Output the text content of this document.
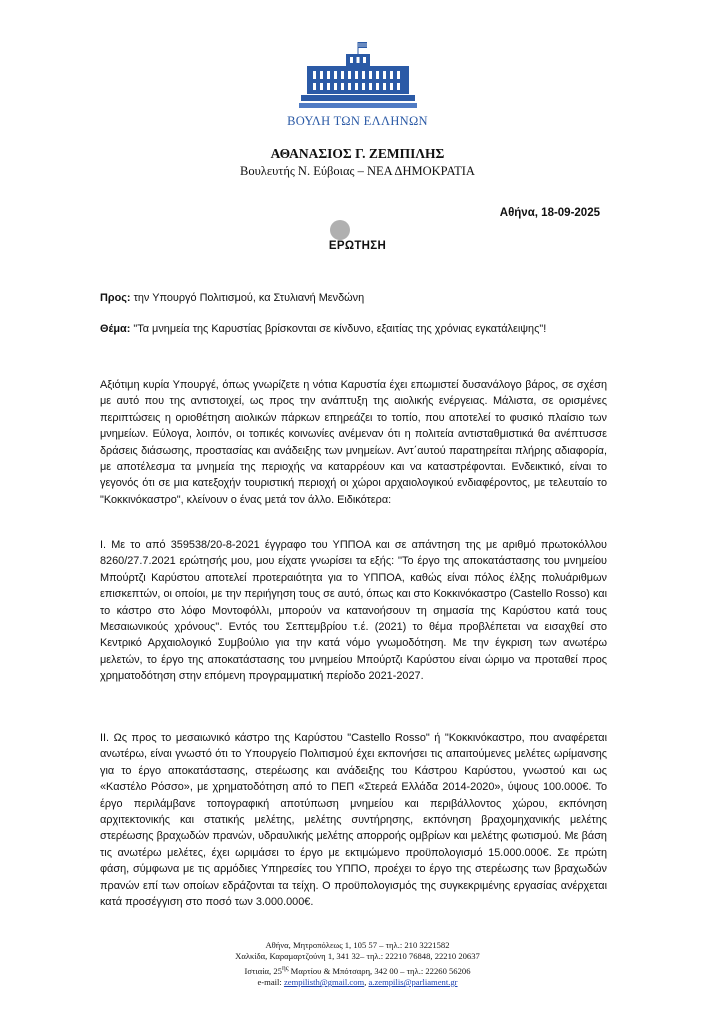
ΒΟΥΛΗ ΤΩΝ ΕΛΛΗΝΩΝ
ΑΘΑΝΑΣΙΟΣ Γ. ΖΕΜΠΙΛΗΣ
Βουλευτής Ν. Εύβοιας – ΝΕΑ ΔΗΜΟΚΡΑΤΙΑ
Αθήνα, 18-09-2025
ΕΡΩΤΗΣΗ

Προς: την Υπουργό Πολιτισμού, κα Στυλιανή Μενδώνη

Θέμα: "Τα μνημεία της Καρυστίας βρίσκονται σε κίνδυνο, εξαιτίας της χρόνιας εγκατάλειψης"!

Αξιότιμη κυρία Υπουργέ, όπως γνωρίζετε η νότια Καρυστία έχει επωμιστεί δυσανάλογο βάρος, σε σχέση με αυτό που της αντιστοιχεί, ως προς την ανάπτυξη της αιολικής ενέργειας. Μάλιστα, σε ορισμένες περιπτώσεις η οριοθέτηση αιολικών πάρκων επηρεάζει το τοπίο, που αποτελεί το φυσικό πλαίσιο των μνημείων. Εύλογα, λοιπόν, οι τοπικές κοινωνίες ανέμεναν ότι η πολιτεία αντισταθμιστικά θα ανέπτυσσε δράσεις διάσωσης, προστασίας και ανάδειξης των μνημείων. Αντ΄αυτού παρατηρείται πλήρης αδιαφορία, με αποτέλεσμα τα μνημεία της περιοχής να καταρρέουν και να καταστρέφονται. Ενδεικτικό, είναι το γεγονός ότι σε μια κατεξοχήν τουριστική περιοχή οι χώροι αρχαιολογικού ενδιαφέροντος, με τελευταίο το "Κοκκινόκαστρο", κλείνουν ο ένας μετά τον άλλο. Ειδικότερα:

Ι. Με το από 359538/20-8-2021 έγγραφο του ΥΠΠΟΑ και σε απάντηση της με αριθμό πρωτοκόλλου 8260/27.7.2021 ερώτησής μου, μου είχατε γνωρίσει τα εξής: ''Το έργο της αποκατάστασης του μνημείου Μπούρτζι Καρύστου αποτελεί προτεραιότητα για το ΥΠΠΟΑ, καθώς είναι πόλος έλξης πολυάριθμων επισκεπτών, οι οποίοι, με την περιήγηση τους σε αυτό, όπως και στο Κοκκινόκαστρο (Castello Rosso) και το κάστρο στο λόφο Μοντοφόλλι, μπορούν να κατανοήσουν τη σημασία της Καρύστου κατά τους Μεσαιωνικούς χρόνους''. Εντός του Σεπτεμβρίου τ.έ. (2021) το θέμα προβλέπεται να εισαχθεί στο Κεντρικό Αρχαιολογικό Συμβούλιο για την κατά νόμο γνωμοδότηση. Με την έγκριση των ανωτέρω μελετών, το έργο της αποκατάστασης του μνημείου Μπούρτζι Καρύστου είναι ώριμο να προταθεί προς χρηματοδότηση στην επόμενη προγραμματική περίοδο 2021-2027.

ΙΙ. Ως προς το μεσαιωνικό κάστρο της Καρύστου "Castello Rosso" ή "Κοκκινόκαστρο, που αναφέρεται ανωτέρω, είναι γνωστό ότι το Υπουργείο Πολιτισμού έχει εκπονήσει τις απαιτούμενες μελέτες ωρίμανσης για το έργο αποκατάστασης, στερέωσης και ανάδειξης του Κάστρου Καρύστου, γνωστού και ως «Καστέλο Ρόσσο», με χρηματοδότηση από το ΠΕΠ «Στερεά Ελλάδα 2014-2020», ύψους 100.000€. Το έργο περιλάμβανε τοπογραφική αποτύπωση μνημείου και περιβάλλοντος χώρου, εκπόνηση αρχιτεκτονικής και στατικής μελέτης, μελέτης συντήρησης, εκπόνηση βραχομηχανικής μελέτης στερέωσης βραχωδών πρανών, υδραυλικής μελέτης απορροής ομβρίων και μελέτης φωτισμού. Με βάση τις ανωτέρω μελέτες, έχει ωριμάσει το έργο με εκτιμώμενο προϋπολογισμό 15.000.000€. Σε πρώτη φάση, σύμφωνα με τις αρμόδιες Υπηρεσίες του ΥΠΠΟ, προέχει το έργο της στερέωσης των βραχωδών πρανών επί των οποίων εδράζονται τα τείχη. Ο προϋπολογισμός της συγκεκριμένης εργασίας ανέρχεται κατά προσέγγιση στο ποσό των 3.000.000€.

Αθήνα, Μητροπόλεως 1, 105 57 – τηλ.: 210 3221582
Χαλκίδα, Καραμαρτζούνη 1, 341 32– τηλ.: 22210 76848, 22210 20637
Ιστιαία, $25^{\eta\varsigma}$ Μαρτίου & Μπότσαρη, 342 00 – τηλ.: 22260 56206
e-mail: zempilisth@gmail.com, a.zempilis@parliament.gr
